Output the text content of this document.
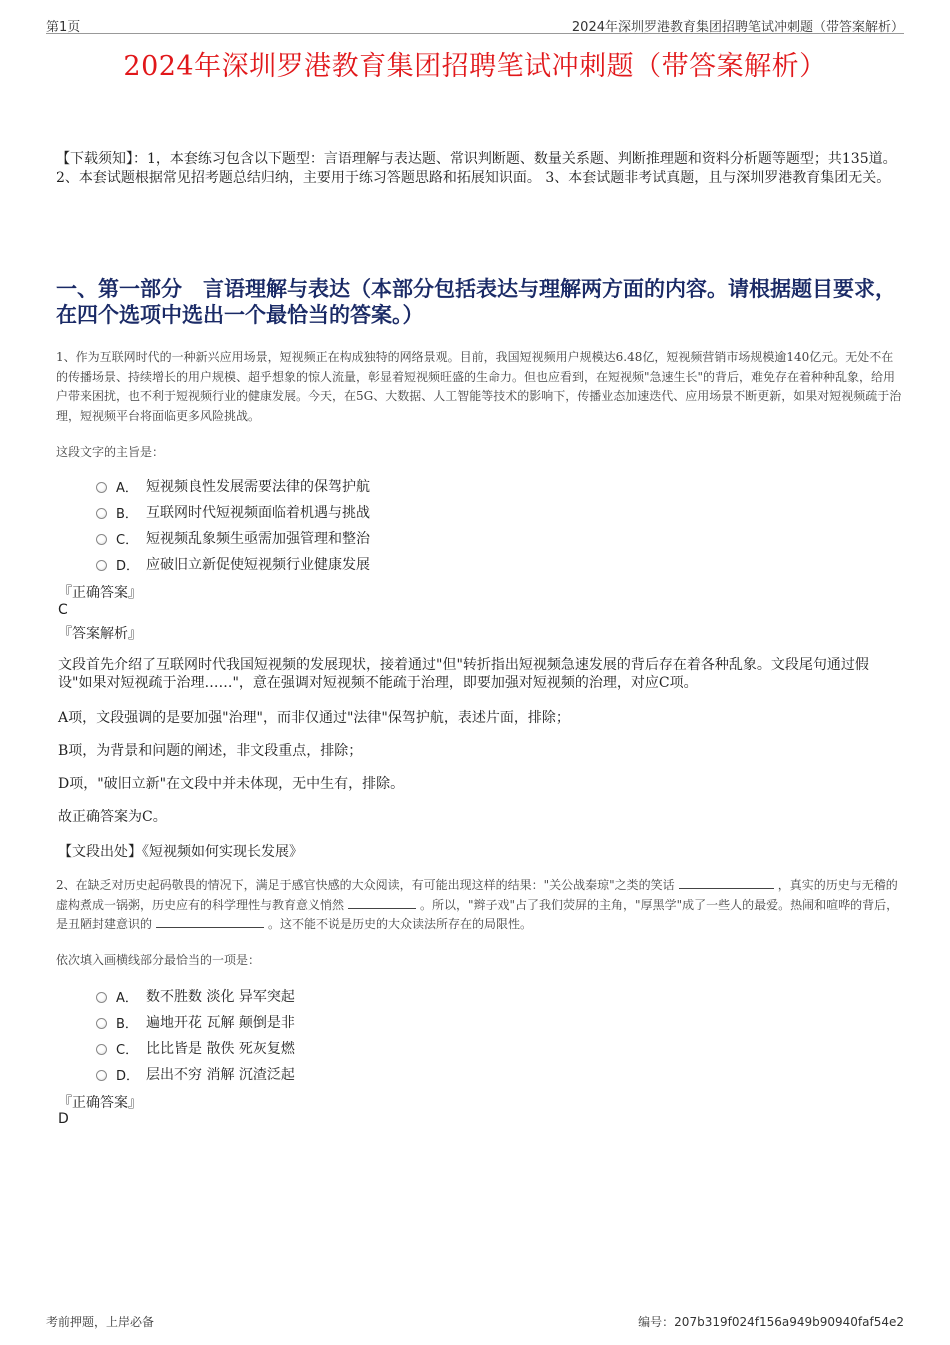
第1页	2024年深圳罗港教育集团招聘笔试冲刺题（带答案解析）
2024年深圳罗港教育集团招聘笔试冲刺题（带答案解析）

【下载须知】：1，本套练习包含以下题型：言语理解与表达题、常识判断题、数量关系题、判断推理题和资料分析题等题型；共135道。 2、本套试题根据常见招考题总结归纳，主要用于练习答题思路和拓展知识面。 3、本套试题非考试真题，且与深圳罗港教育集团无关。

一、第一部分　言语理解与表达（本部分包括表达与理解两方面的内容。请根据题目要求，在四个选项中选出一个最恰当的答案。）

1、作为互联网时代的一种新兴应用场景，短视频正在构成独特的网络景观。目前，我国短视频用户规模达6.48亿，短视频营销市场规模逾140亿元。无处不在的传播场景、持续增长的用户规模、超乎想象的惊人流量，彰显着短视频旺盛的生命力。但也应看到，在短视频"急速生长"的背后，难免存在着种种乱象，给用户带来困扰，也不利于短视频行业的健康发展。今天，在5G、大数据、人工智能等技术的影响下，传播业态加速迭代、应用场景不断更新，如果对短视频疏于治理，短视频平台将面临更多风险挑战。

这段文字的主旨是：

A． 短视频良性发展需要法律的保驾护航
B． 互联网时代短视频面临着机遇与挑战
C． 短视频乱象频生亟需加强管理和整治
D． 应破旧立新促使短视频行业健康发展

『正确答案』

C

『答案解析』

文段首先介绍了互联网时代我国短视频的发展现状，接着通过"但"转折指出短视频急速发展的背后存在着各种乱象。文段尾句通过假设"如果对短视疏于治理……"，意在强调对短视频不能疏于治理，即要加强对短视频的治理，对应C项。

A项，文段强调的是要加强"治理"，而非仅通过"法律"保驾护航，表述片面，排除；

B项，为背景和问题的阐述，非文段重点，排除；

D项，"破旧立新"在文段中并未体现，无中生有，排除。

故正确答案为C。

【文段出处】《短视频如何实现长发展》

2、在缺乏对历史起码敬畏的情况下，满足于感官快感的大众阅读，有可能出现这样的结果："关公战秦琼"之类的笑话	，真实的历史与无稽的虚构煮成一锅粥，历史应有的科学理性与教育意义悄然	。所以，"辫子戏"占了我们荧屏的主角，"厚黑学"成了一些人的最爱。热闹和喧哗的背后，是丑陋封建意识的	。这不能不说是历史的大众读法所存在的局限性。

依次填入画横线部分最恰当的一项是：

A． 数不胜数 淡化 异军突起
B． 遍地开花 瓦解 颠倒是非
C． 比比皆是 散佚 死灰复燃
D． 层出不穷 消解 沉渣泛起

『正确答案』

D

考前押题，上岸必备	编号：207b319f024f156a949b90940faf54e2
